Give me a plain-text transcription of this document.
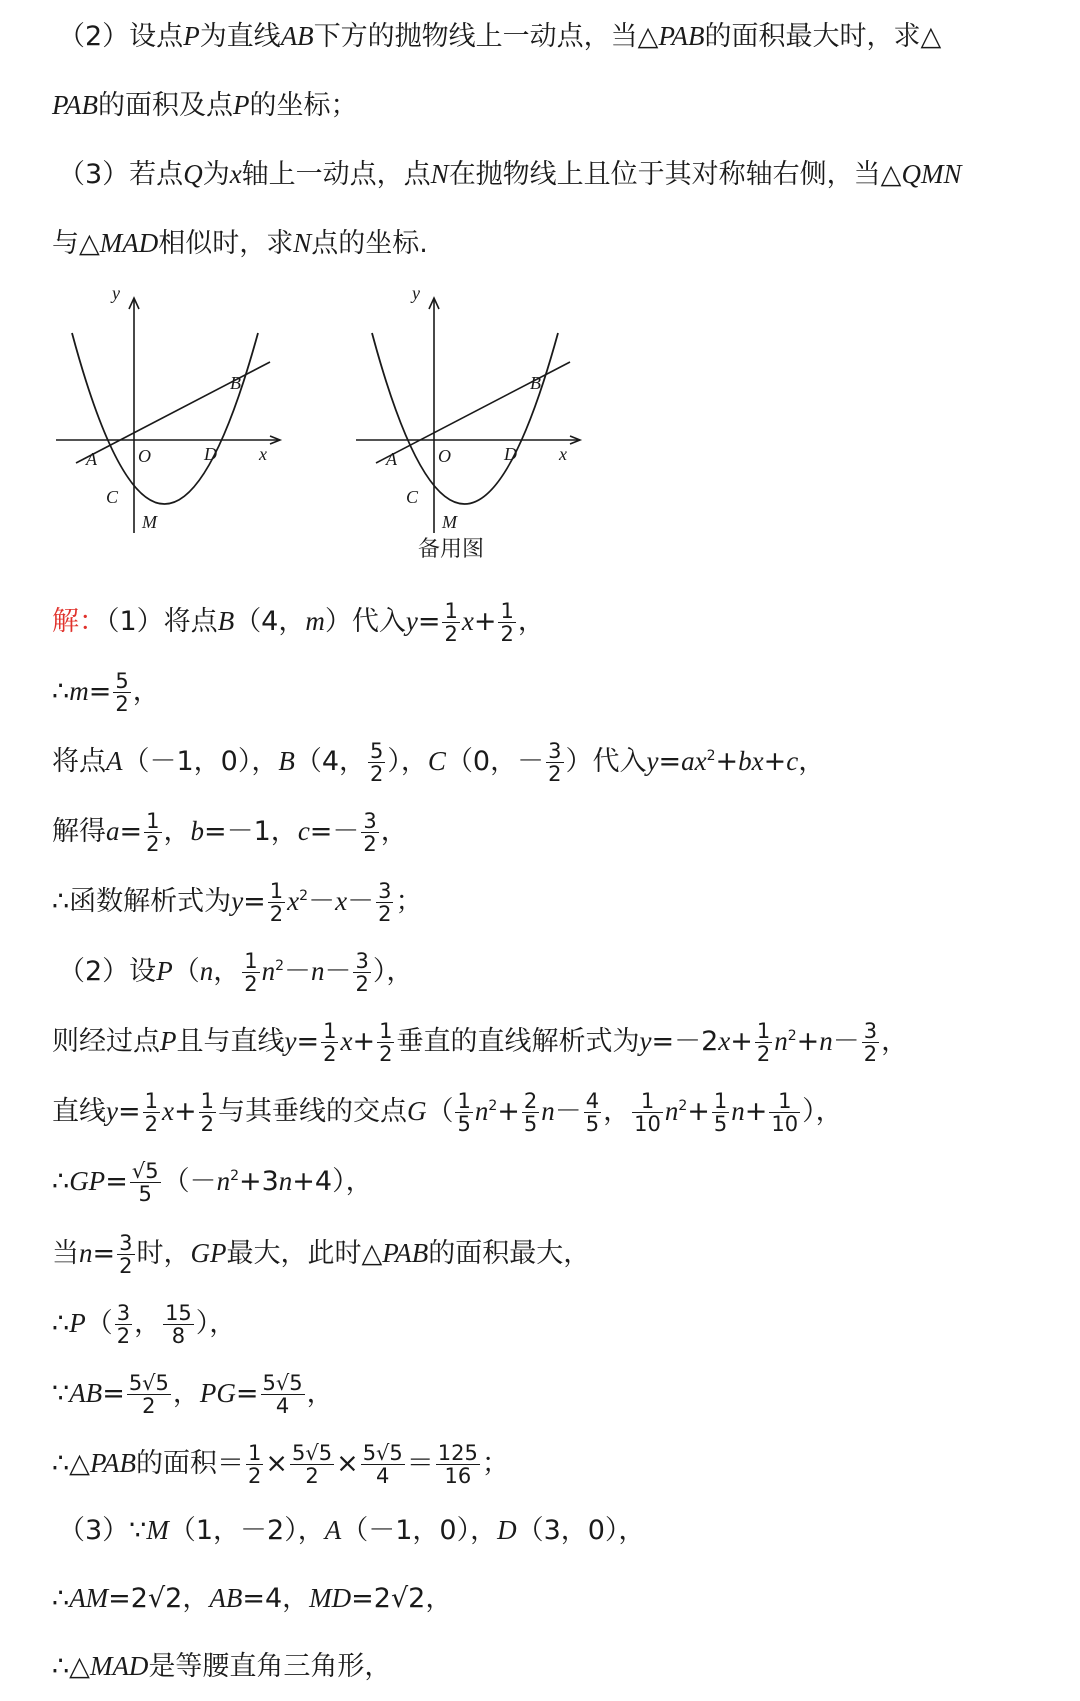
（2）设点P为直线AB下方的抛物线上一动点，当△PAB的面积最大时，求△
PAB的面积及点P的坐标；
（3）若点Q为x轴上一动点，点N在抛物线上且位于其对称轴右侧，当△QMN
与△MAD相似时，求N点的坐标.
y
x
A O	D
B
C
M
y
x
A O	D
B
C
M
备用图
解：（1）将点B（4，m）代入$y= \frac{1}{2} x+ \frac{1}{2}$ ，
∴m= $\frac{5}{2}$ ，
将点A（－1，0），B（4， $\frac{5}{2}$ ），C（0，－ $\frac{3}{2}$ ）代入$y=ax^2+bx+c$，
解得$a= \frac{1}{2}$ ，b=－1，$c=- \frac{3}{2}$ ，
∴函数解析式为$y= \frac{1}{2} x^2-x- \frac{3}{2}$ ；
（2）设P（n， $\frac{1}{2} n^2-n- \frac{3}{2}$ ），
则经过点P且与直线$y= \frac{1}{2} x+ \frac{1}{2}$ 垂直的直线解析式为$y=-2x+ \frac{1}{2} n^2+n- \frac{3}{2}$ ，
直线$y= \frac{1}{2} x+ \frac{1}{2}$ 与其垂线的交点$G( \frac{1}{5} n^2+ \frac{2}{5} n- \frac{4}{5}$ ， $\frac{1}{10} n^2+ \frac{1}{5} n+ \frac{1}{10}$ ），
∴GP= $\frac{√5}{5} (-n^2+3n+4)$，
当$n= \frac{3}{2}$ 时，GP最大，此时△PAB的面积最大，
∴P（ $\frac{3}{2}$ ， $\frac{15}{8}$ ），
∵AB= $\frac{5√5}{2}$ ，$PG= \frac{5√5}{4}$ ，
∴△PAB的面积＝ $\frac{1}{2} \times \frac{5√5}{2} \times \frac{5√5}{4} = \frac{125}{16}$ ；
（3）∵M（1，－2），A（－1，0），D（3，0），
∴AM=2√2，AB=4，MD=2√2，
∴△MAD是等腰直角三角形，
